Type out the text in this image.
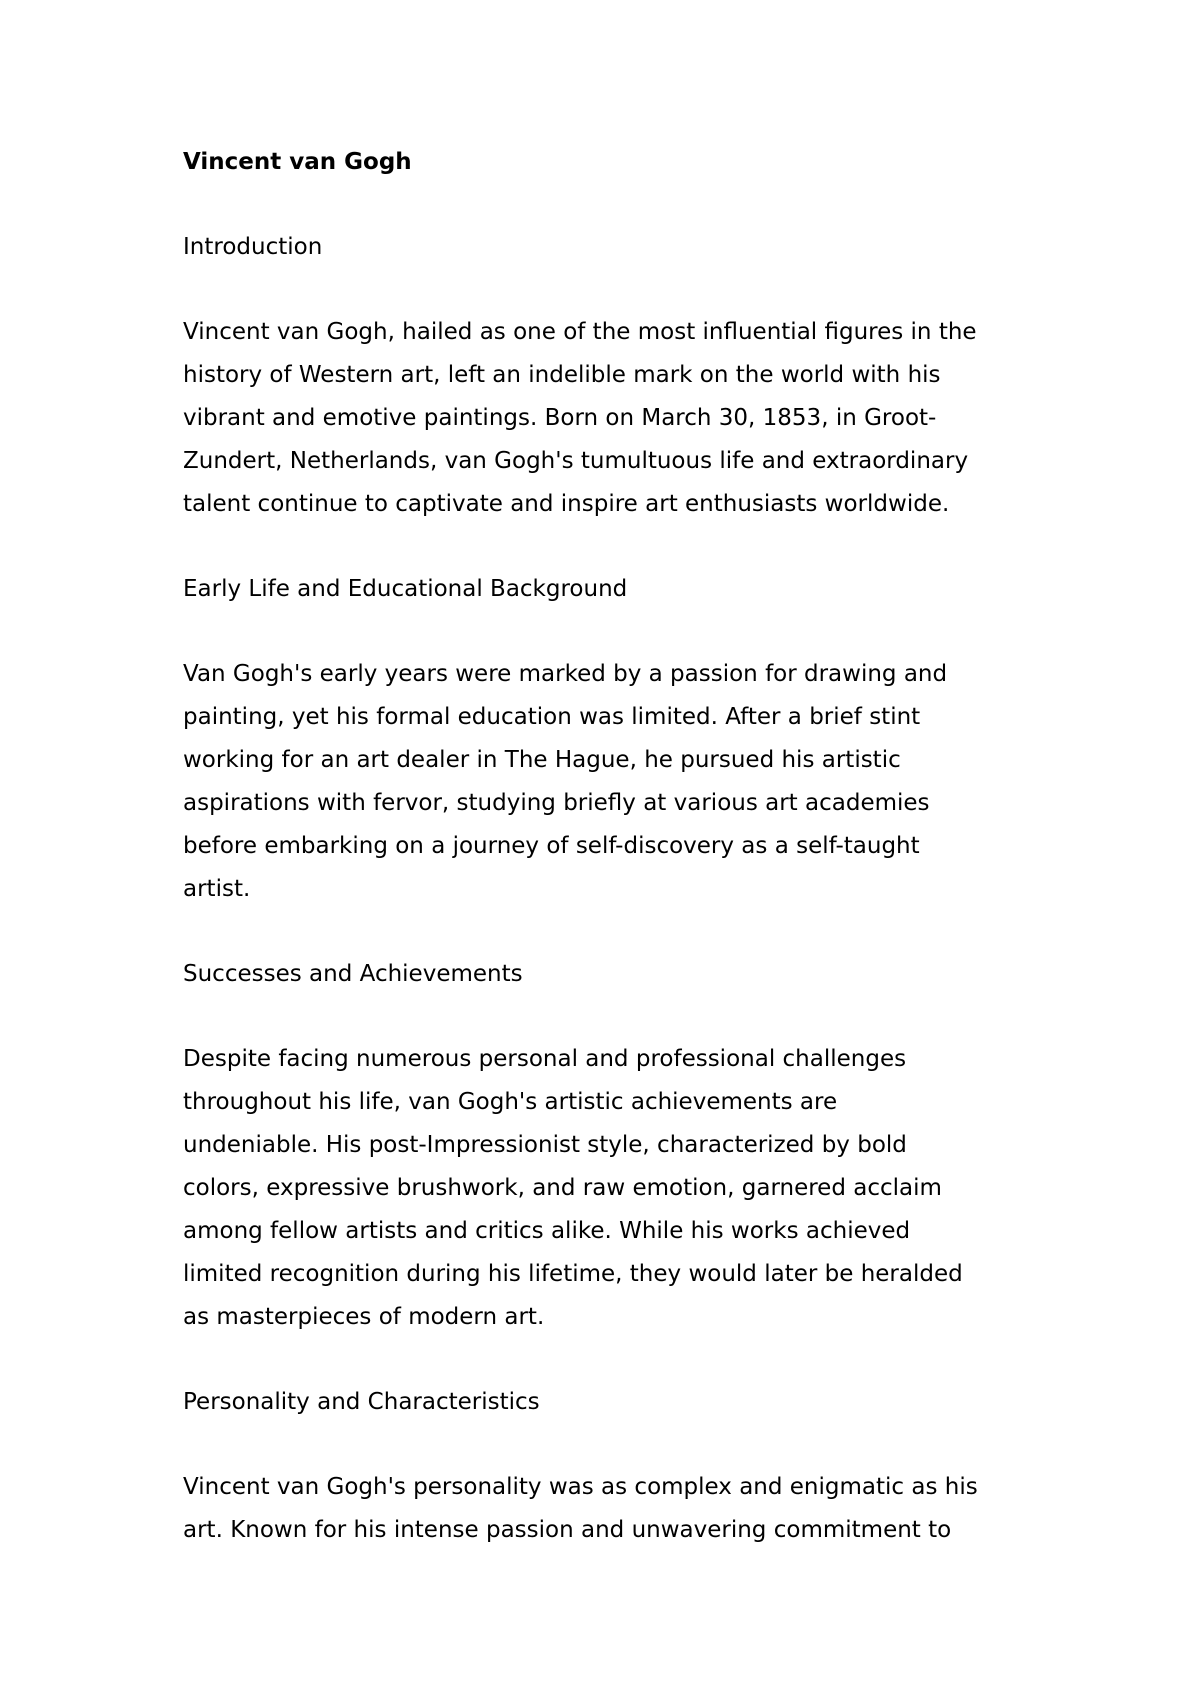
Vincent van Gogh
Introduction
Vincent van Gogh, hailed as one of the most influential figures in the
history of Western art, left an indelible mark on the world with his
vibrant and emotive paintings. Born on March 30, 1853, in Groot-
Zundert, Netherlands, van Gogh's tumultuous life and extraordinary
talent continue to captivate and inspire art enthusiasts worldwide.
Early Life and Educational Background
Van Gogh's early years were marked by a passion for drawing and
painting, yet his formal education was limited. After a brief stint
working for an art dealer in The Hague, he pursued his artistic
aspirations with fervor, studying briefly at various art academies
before embarking on a journey of self-discovery as a self-taught
artist.
Successes and Achievements
Despite facing numerous personal and professional challenges
throughout his life, van Gogh's artistic achievements are
undeniable. His post-Impressionist style, characterized by bold
colors, expressive brushwork, and raw emotion, garnered acclaim
among fellow artists and critics alike. While his works achieved
limited recognition during his lifetime, they would later be heralded
as masterpieces of modern art.
Personality and Characteristics
Vincent van Gogh's personality was as complex and enigmatic as his
art. Known for his intense passion and unwavering commitment to
